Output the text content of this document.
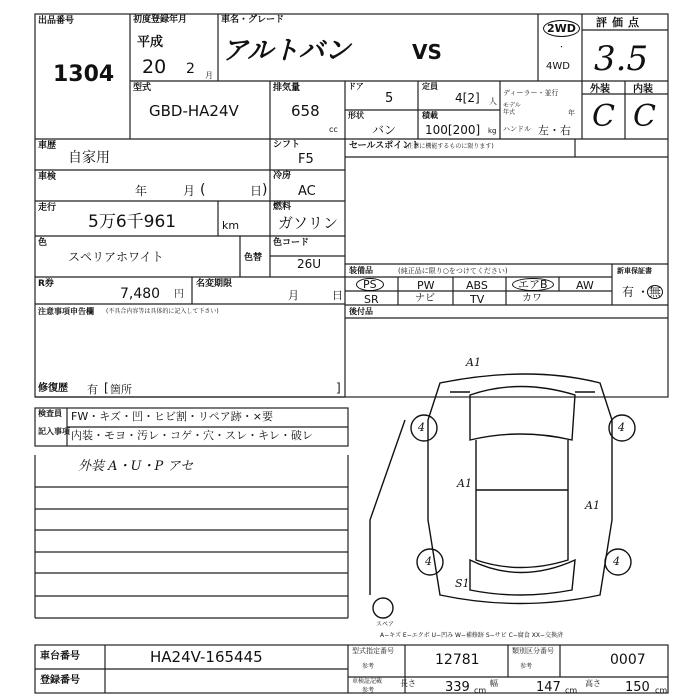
出品番号
1304
初度登録年月
平成
20 2 月
車名・グレード
アルトバン	VS
2WD
・
4WD
評価点
3.5
外装 内装
C C
型式
GBD-HA24V
排気量
658
cc
ドア
5
形状
バン
定員
4[2] 人
積載
100[200] kg
ディーラー・並行
モデル
年式	年
ハンドル 左・右
車歴
自家用
シフト
F5
車検
年	月 (	日 )
冷房
AC
走行
5万6千961	km
燃料
ガソリン
色
スペリアホワイト	色替
色コード
26U
R券
7,480 円
名変期限
月	日
注意事項申告欄 (不具合内容等は具体的に記入して下さい)
修復歴 有 [ 箇所	]
セールスポイント
(正常に機能するものに限ります)
装備品	(純正品に限り○をつけてください)	新車保証書
有 ・ 無
PS	PW	ABS	エアB	AW
SR	ナビ	TV	カワ
後付品
検査員
記入事項
FW・キズ・凹・ヒビ割・リペア跡・×要
内装・モヨ・汚レ・コゲ・穴・スレ・キレ・破レ
外装 A・U・P アセ
A1
A1
A1
S1
4	4
4	4
スペア
A−キズ E−エクボ U−凹み W−補修跡 S−サビ C−腐食 XX−交換済
車台番号	HA24V-165445
登録番号
型式指定番号
参考	12781
類別区分番号
参考	0007
車検証記載
参考
長さ 339 cm
幅	147 cm
高さ 150 cm
